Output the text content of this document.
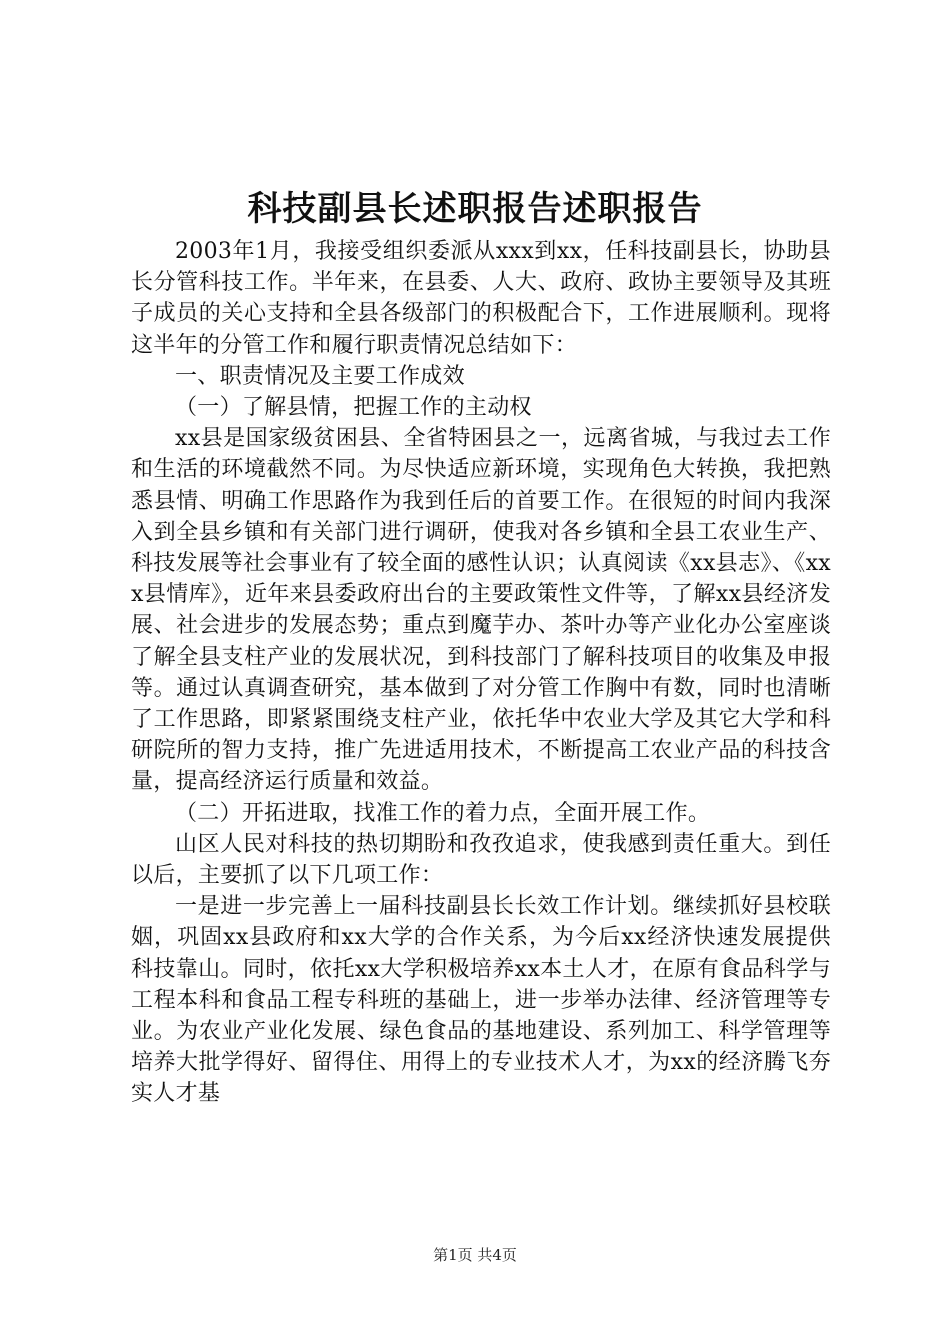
科技副县长述职报告述职报告

2003年1月，我接受组织委派从xxx到xx，任科技副县长，协助县长分管科技工作。半年来，在县委、人大、政府、政协主要领导及其班子成员的关心支持和全县各级部门的积极配合下，工作进展顺利。现将这半年的分管工作和履行职责情况总结如下：

一、职责情况及主要工作成效

（一）了解县情，把握工作的主动权

xx县是国家级贫困县、全省特困县之一，远离省城，与我过去工作和生活的环境截然不同。为尽快适应新环境，实现角色大转换，我把熟悉县情、明确工作思路作为我到任后的首要工作。在很短的时间内我深入到全县乡镇和有关部门进行调研，使我对各乡镇和全县工农业生产、科技发展等社会事业有了较全面的感性认识；认真阅读《xx县志》、《xxx县情库》，近年来县委政府出台的主要政策性文件等，了解xx县经济发展、社会进步的发展态势；重点到魔芋办、茶叶办等产业化办公室座谈了解全县支柱产业的发展状况，到科技部门了解科技项目的收集及申报等。通过认真调查研究，基本做到了对分管工作胸中有数，同时也清晰了工作思路，即紧紧围绕支柱产业，依托华中农业大学及其它大学和科研院所的智力支持，推广先进适用技术，不断提高工农业产品的科技含量，提高经济运行质量和效益。

（二）开拓进取，找准工作的着力点，全面开展工作。

山区人民对科技的热切期盼和孜孜追求，使我感到责任重大。到任以后，主要抓了以下几项工作：

一是进一步完善上一届科技副县长长效工作计划。继续抓好县校联姻，巩固xx县政府和xx大学的合作关系，为今后xx经济快速发展提供科技靠山。同时，依托xx大学积极培养xx本土人才，在原有食品科学与工程本科和食品工程专科班的基础上，进一步举办法律、经济管理等专业。为农业产业化发展、绿色食品的基地建设、系列加工、科学管理等培养大批学得好、留得住、用得上的专业技术人才，为xx的经济腾飞夯实人才基

第1页 共4页
